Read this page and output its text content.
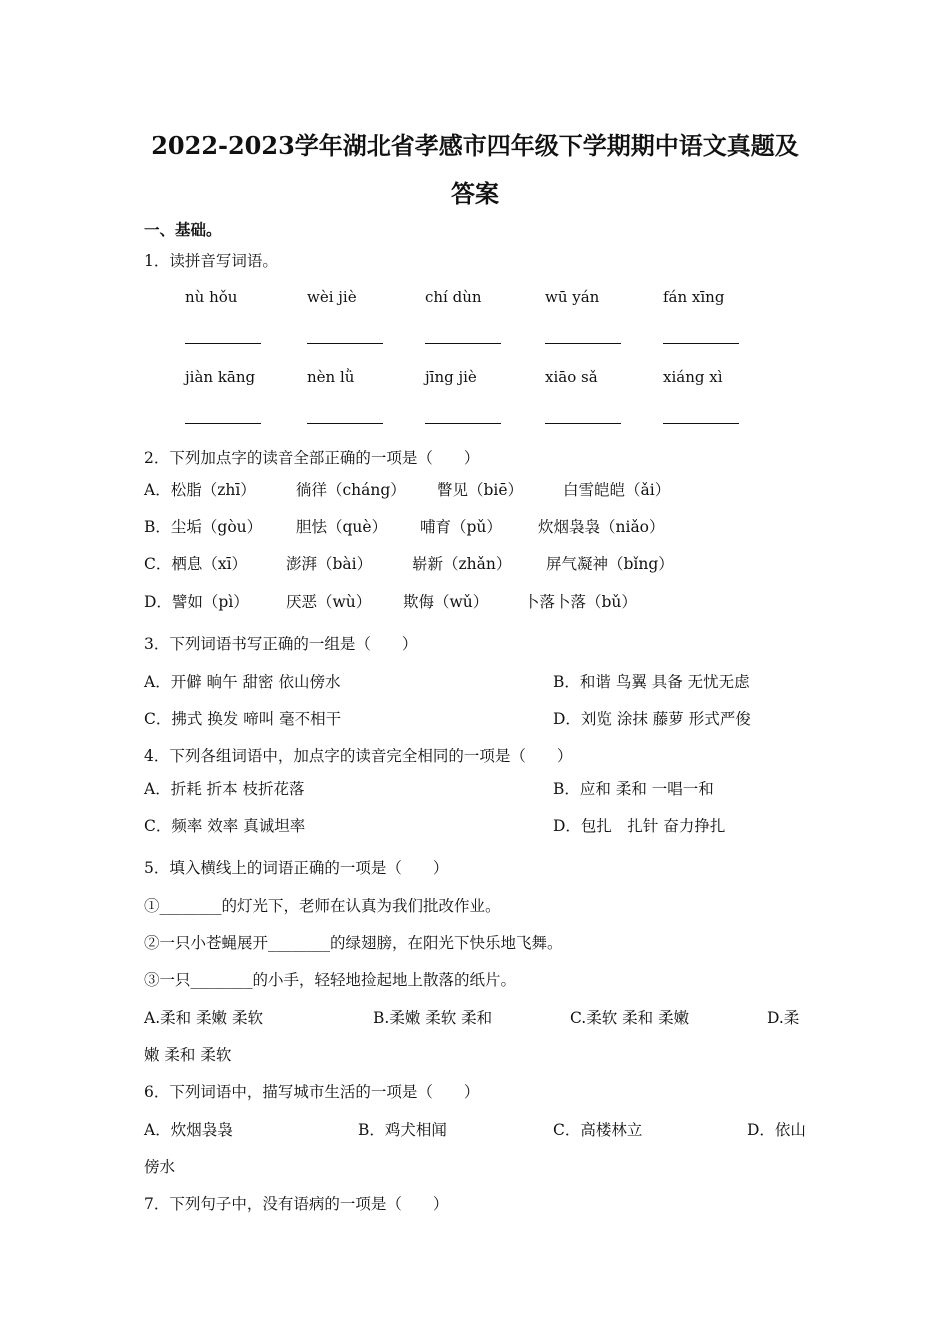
2022-2023学年湖北省孝感市四年级下学期期中语文真题及
答案
一、基础。
1．读拼音写词语。
nù hǒu	wèi jiè	chí dùn	wū yán	fán xīng
jiàn kāng	nèn lǜ	jīng jiè	xiāo sǎ	xiáng xì
2．下列加点字的读音全部正确的一项是（　　）
A．松脂（zhī）	徜徉（cháng） 瞥见（biē）	白雪皑皑（ǎi）
B．尘垢（gòu） 胆怯（què） 哺育（pǔ） 炊烟袅袅（niǎo）
C．栖息（xī）	澎湃（bài）	崭新（zhǎn） 屏气凝神（bǐng）
D．譬如（pì） 厌恶（wù） 欺侮（wǔ） 卜落卜落（bǔ）
3．下列词语书写正确的一组是（　　）
A．开僻 晌午 甜密 依山傍水	B．和谐 鸟翼 具备 无忧无虑
C．拂式 换发 啼叫 毫不相干	D．刘览 涂抹 藤萝 形式严俊
4．下列各组词语中，加点字的读音完全相同的一项是（　　）
A．折耗 折本 枝折花落	B．应和 柔和 一唱一和
C．频率 效率 真诚坦率	D．包扎　扎针 奋力挣扎
5．填入横线上的词语正确的一项是（　　）
①________的灯光下，老师在认真为我们批改作业。
②一只小苍蝇展开________的绿翅膀，在阳光下快乐地飞舞。
③一只________的小手，轻轻地捡起地上散落的纸片。
A.柔和 柔嫩 柔软	B.柔嫩 柔软 柔和	C.柔软 柔和 柔嫩	D.柔
嫩 柔和 柔软
6．下列词语中，描写城市生活的一项是（　　）
A．炊烟袅袅	B．鸡犬相闻	C．高楼林立	D．依山
傍水
7．下列句子中，没有语病的一项是（　　）
